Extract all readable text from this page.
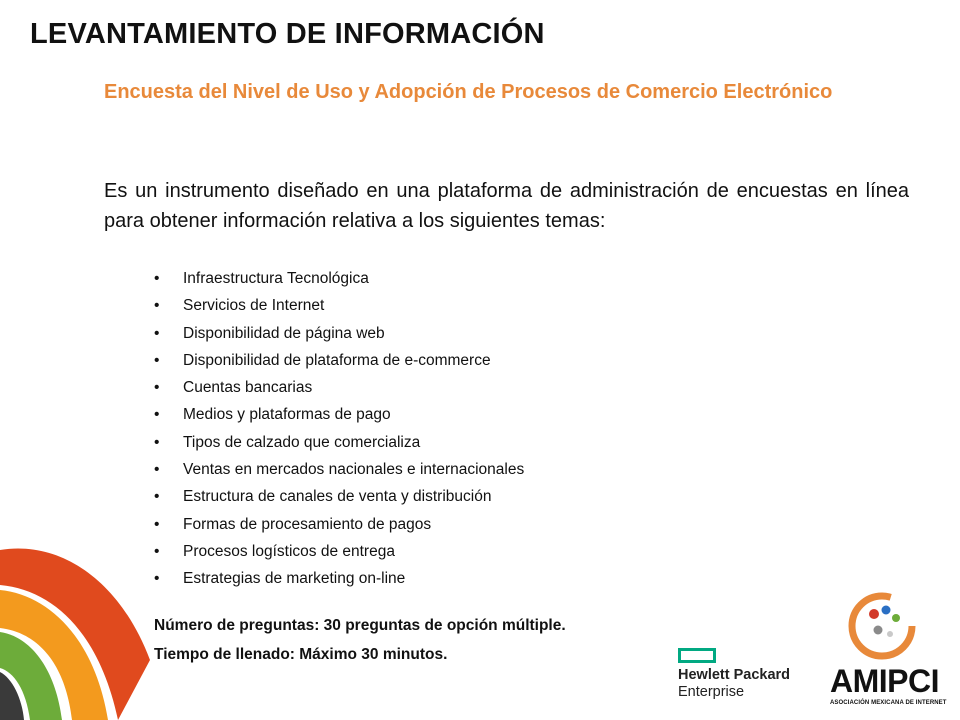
LEVANTAMIENTO DE INFORMACIÓN

Encuesta del Nivel de Uso y Adopción de Procesos de Comercio Electrónico

Es un instrumento diseñado en una plataforma de administración de encuestas en línea para obtener información relativa a los siguientes temas:

• Infraestructura Tecnológica
• Servicios de Internet
• Disponibilidad de página web
• Disponibilidad de plataforma de e-commerce
• Cuentas bancarias
• Medios y plataformas de pago
• Tipos de calzado que comercializa
• Ventas en mercados nacionales e internacionales
• Estructura de canales de venta y distribución
• Formas de procesamiento de pagos
• Procesos logísticos de entrega
• Estrategias de marketing on-line

Número de preguntas: 30 preguntas de opción múltiple.

Tiempo de llenado: Máximo 30 minutos.

Hewlett Packard
Enterprise	AMIPCI
ASOCIACIÓN MEXICANA DE INTERNET
